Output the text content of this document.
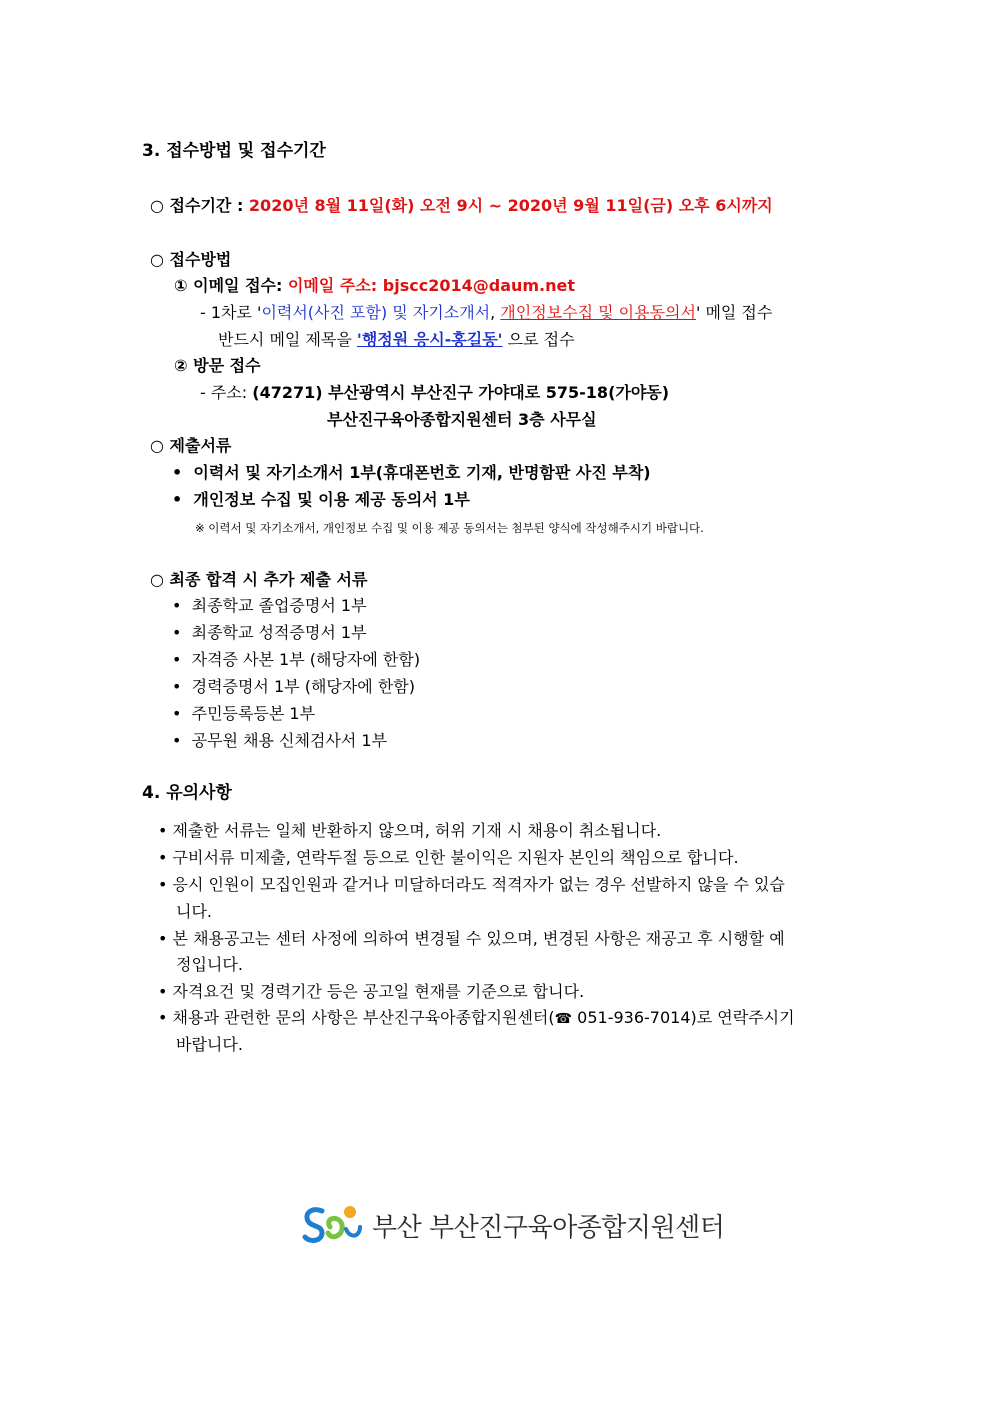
3. 접수방법 및 접수기간
○ 접수기간 : 2020년 8월 11일(화) 오전 9시 ~ 2020년 9월 11일(금) 오후 6시까지
○ 접수방법
① 이메일 접수: 이메일 주소: bjscc2014@daum.net
- 1차로 '이력서(사진 포함) 및 자기소개서, 개인정보수집 및 이용동의서' 메일 접수
반드시 메일 제목을 '행정원 응시-홍길동' 으로 접수
② 방문 접수
- 주소: (47271) 부산광역시 부산진구 가야대로 575-18(가야동)
부산진구육아종합지원센터 3층 사무실
○ 제출서류
• 이력서 및 자기소개서 1부(휴대폰번호 기재, 반명함판 사진 부착)
• 개인정보 수집 및 이용 제공 동의서 1부
※ 이력서 및 자기소개서, 개인정보 수집 및 이용 제공 동의서는 첨부된 양식에 작성해주시기 바랍니다.
○ 최종 합격 시 추가 제출 서류
• 최종학교 졸업증명서 1부
• 최종학교 성적증명서 1부
• 자격증 사본 1부 (해당자에 한함)
• 경력증명서 1부 (해당자에 한함)
• 주민등록등본 1부
• 공무원 채용 신체검사서 1부
4. 유의사항
• 제출한 서류는 일체 반환하지 않으며, 허위 기재 시 채용이 취소됩니다.
• 구비서류 미제출, 연락두절 등으로 인한 불이익은 지원자 본인의 책임으로 합니다.
• 응시 인원이 모집인원과 같거나 미달하더라도 적격자가 없는 경우 선발하지 않을 수 있습
니다.
• 본 채용공고는 센터 사정에 의하여 변경될 수 있으며, 변경된 사항은 재공고 후 시행할 예
정입니다.
• 자격요건 및 경력기간 등은 공고일 현재를 기준으로 합니다.
• 채용과 관련한 문의 사항은 부산진구육아종합지원센터(☎ 051-936-7014)로 연락주시기
바랍니다.
부산 부산진구육아종합지원센터
